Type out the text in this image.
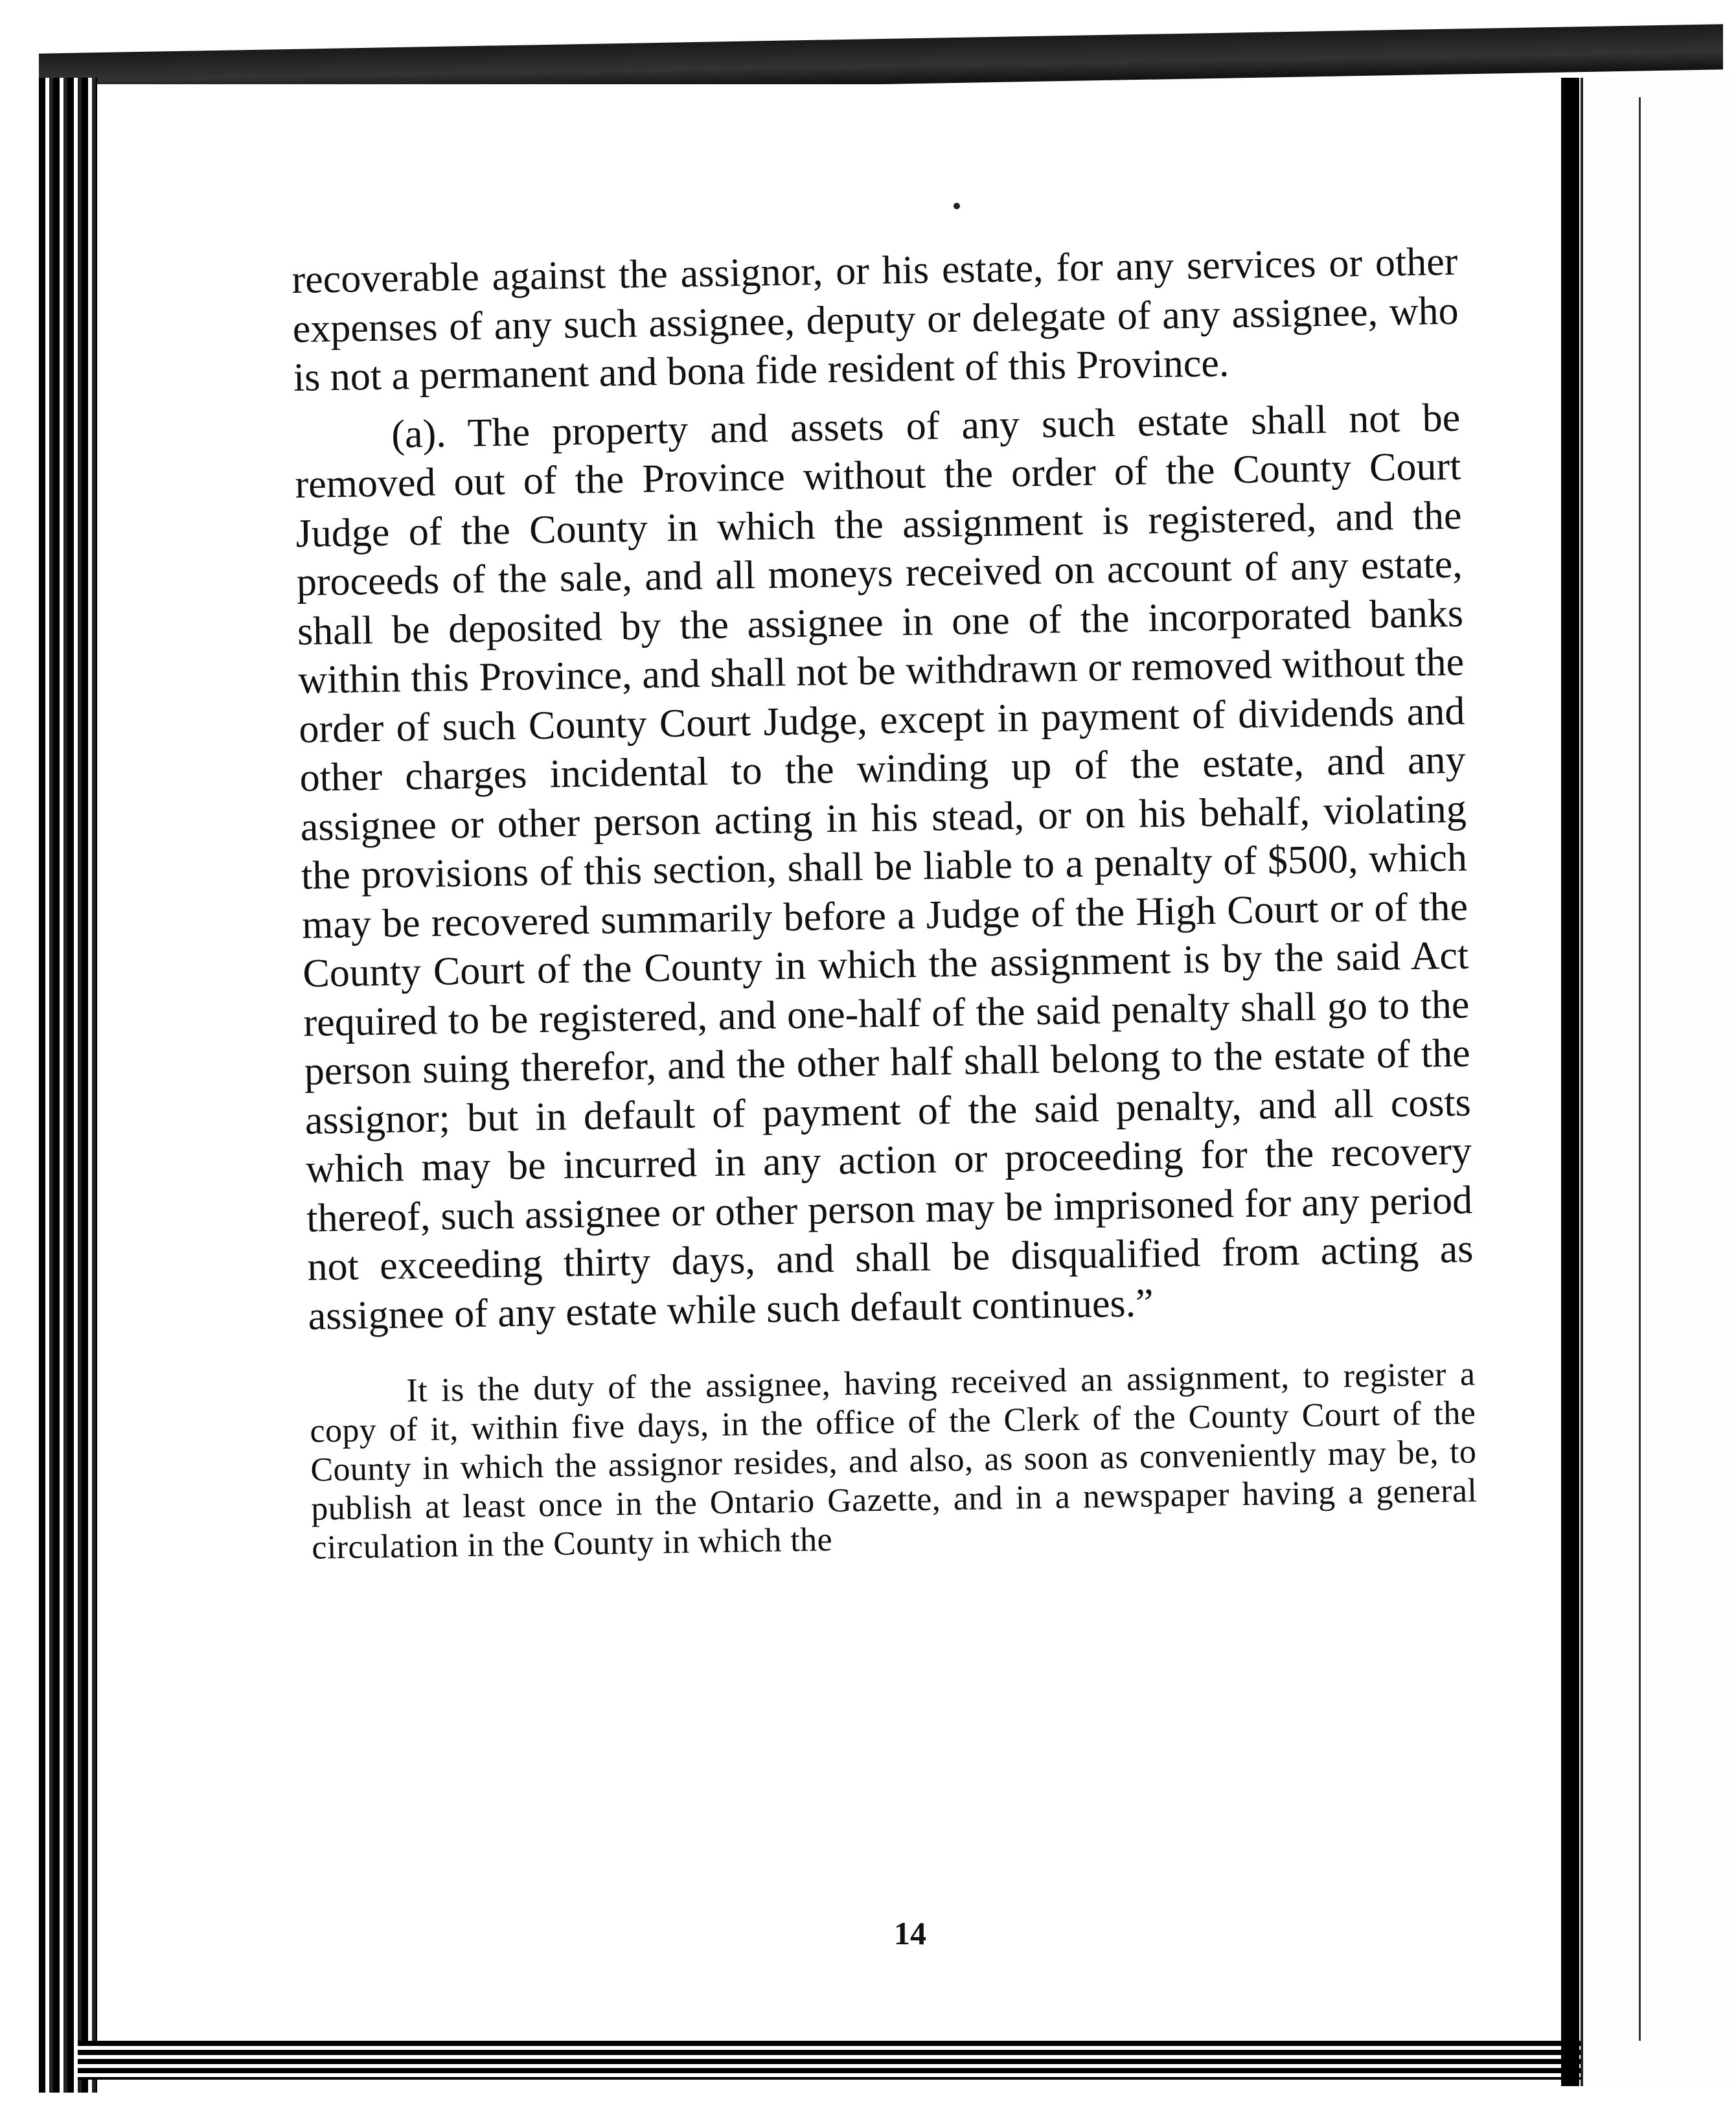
recoverable against the assignor, or his estate, for any services or other expenses of any such assignee, deputy or delegate of any assignee, who is not a permanent and bona fide resident of this Province.

(a). The property and assets of any such estate shall not be removed out of the Province without the order of the County Court Judge of the County in which the assignment is registered, and the proceeds of the sale, and all moneys received on account of any estate, shall be deposited by the assignee in one of the incorporated banks within this Province, and shall not be withdrawn or removed without the order of such County Court Judge, except in payment of dividends and other charges incidental to the winding up of the estate, and any assignee or other person acting in his stead, or on his behalf, violating the provisions of this section, shall be liable to a penalty of $500, which may be recovered summarily before a Judge of the High Court or of the County Court of the County in which the assignment is by the said Act required to be registered, and one-half of the said penalty shall go to the person suing therefor, and the other half shall belong to the estate of the assignor; but in default of payment of the said penalty, and all costs which may be incurred in any action or proceeding for the recovery thereof, such assignee or other person may be imprisoned for any period not exceeding thirty days, and shall be disqualified from acting as assignee of any estate while such default continues.”

It is the duty of the assignee, having received an assignment, to register a copy of it, within five days, in the office of the Clerk of the County Court of the County in which the assignor resides, and also, as soon as conveniently may be, to publish at least once in the Ontario Gazette, and in a newspaper having a general circulation in the County in which the

14
